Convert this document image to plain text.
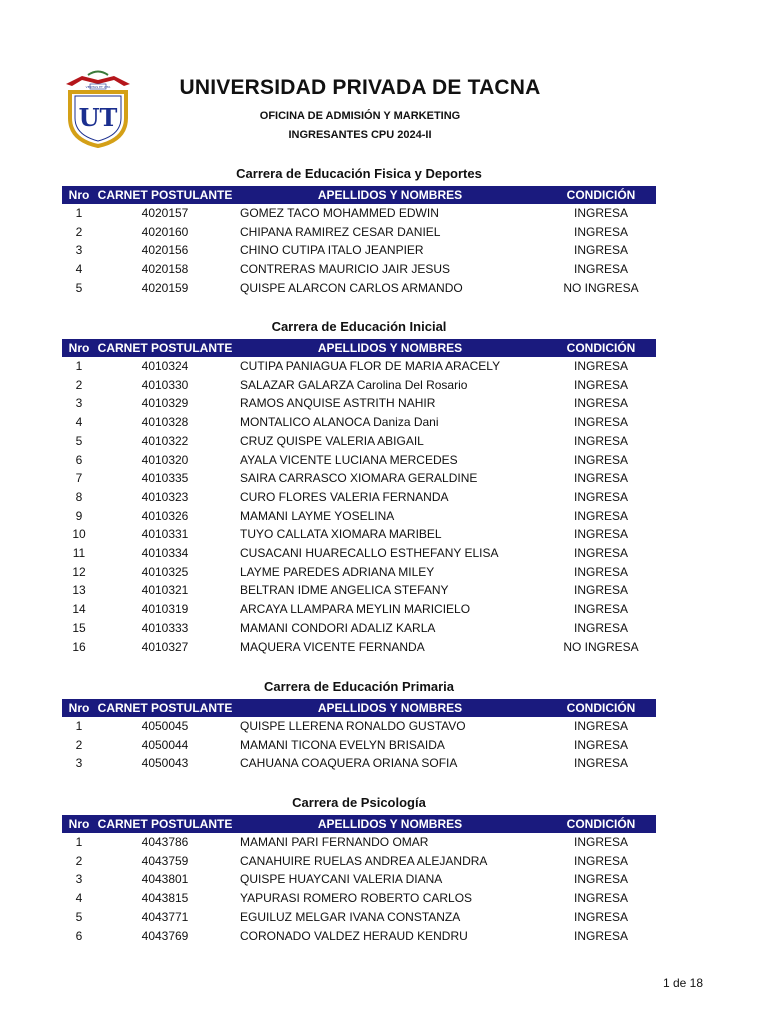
VERITAS ET VITA
UT
UNIVERSIDAD PRIVADA DE TACNA
OFICINA DE ADMISIÓN Y MARKETING
INGRESANTES CPU 2024-II
Carrera de Educación Fisica y Deportes
Nro	CARNET POSTULANTE	APELLIDOS Y NOMBRES	CONDICIÓN
1	4020157	GOMEZ TACO MOHAMMED EDWIN	INGRESA
2	4020160	CHIPANA RAMIREZ CESAR DANIEL	INGRESA
3	4020156	CHINO CUTIPA ITALO JEANPIER	INGRESA
4	4020158	CONTRERAS MAURICIO JAIR JESUS	INGRESA
5	4020159	QUISPE ALARCON CARLOS ARMANDO	NO INGRESA
Carrera de Educación Inicial
Nro	CARNET POSTULANTE	APELLIDOS Y NOMBRES	CONDICIÓN
1	4010324	CUTIPA PANIAGUA FLOR DE MARIA ARACELY	INGRESA
2	4010330	SALAZAR GALARZA Carolina Del Rosario	INGRESA
3	4010329	RAMOS ANQUISE ASTRITH NAHIR	INGRESA
4	4010328	MONTALICO ALANOCA Daniza Dani	INGRESA
5	4010322	CRUZ QUISPE VALERIA ABIGAIL	INGRESA
6	4010320	AYALA VICENTE LUCIANA MERCEDES	INGRESA
7	4010335	SAIRA CARRASCO XIOMARA GERALDINE	INGRESA
8	4010323	CURO FLORES VALERIA FERNANDA	INGRESA
9	4010326	MAMANI LAYME YOSELINA	INGRESA
10	4010331	TUYO CALLATA XIOMARA MARIBEL	INGRESA
11	4010334	CUSACANI HUARECALLO ESTHEFANY ELISA	INGRESA
12	4010325	LAYME PAREDES ADRIANA MILEY	INGRESA
13	4010321	BELTRAN IDME ANGELICA STEFANY	INGRESA
14	4010319	ARCAYA LLAMPARA MEYLIN MARICIELO	INGRESA
15	4010333	MAMANI CONDORI ADALIZ KARLA	INGRESA
16	4010327	MAQUERA VICENTE FERNANDA	NO INGRESA
Carrera de Educación Primaria
Nro	CARNET POSTULANTE	APELLIDOS Y NOMBRES	CONDICIÓN
1	4050045	QUISPE LLERENA RONALDO GUSTAVO	INGRESA
2	4050044	MAMANI TICONA EVELYN BRISAIDA	INGRESA
3	4050043	CAHUANA COAQUERA ORIANA SOFIA	INGRESA
Carrera de Psicología
Nro	CARNET POSTULANTE	APELLIDOS Y NOMBRES	CONDICIÓN
1	4043786	MAMANI PARI FERNANDO OMAR	INGRESA
2	4043759	CANAHUIRE RUELAS ANDREA ALEJANDRA	INGRESA
3	4043801	QUISPE HUAYCANI VALERIA DIANA	INGRESA
4	4043815	YAPURASI ROMERO ROBERTO CARLOS	INGRESA
5	4043771	EGUILUZ MELGAR IVANA CONSTANZA	INGRESA
6	4043769	CORONADO VALDEZ HERAUD KENDRU	INGRESA
1 de 18
